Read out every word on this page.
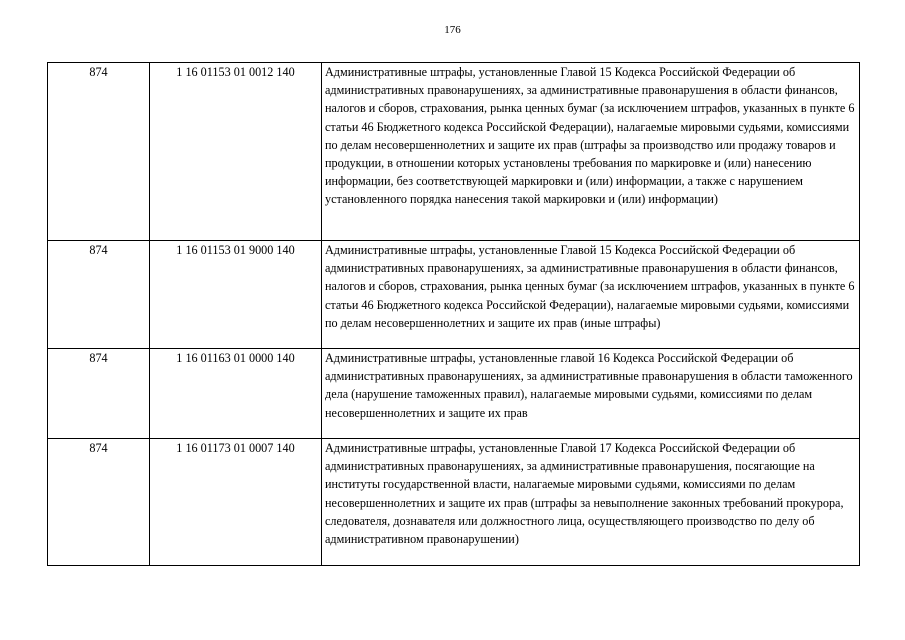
176
874	1 16 01153 01 0012 140	Административные штрафы, установленные Главой 15 Кодекса Российской Федерации об административных правонарушениях, за административные правонарушения в области финансов, налогов и сборов, страхования, рынка ценных бумаг (за исключением штрафов, указанных в пункте 6 статьи 46 Бюджетного кодекса Российской Федерации), налагаемые мировыми судьями, комиссиями по делам несовершеннолетних и защите их прав (штрафы за производство или продажу товаров и продукции, в отношении которых установлены требования по маркировке и (или) нанесению информации, без соответствующей маркировки и (или) информации, а также с нарушением установленного порядка нанесения такой маркировки и (или) информации)
874	1 16 01153 01 9000 140	Административные штрафы, установленные Главой 15 Кодекса Российской Федерации об административных правонарушениях, за административные правонарушения в области финансов, налогов и сборов, страхования, рынка ценных бумаг (за исключением штрафов, указанных в пункте 6 статьи 46 Бюджетного кодекса Российской Федерации), налагаемые мировыми судьями, комиссиями по делам несовершеннолетних и защите их прав (иные штрафы)
874	1 16 01163 01 0000 140	Административные штрафы, установленные главой 16 Кодекса Российской Федерации об административных правонарушениях, за административные правонарушения в области таможенного дела (нарушение таможенных правил), налагаемые мировыми судьями, комиссиями по делам несовершеннолетних и защите их прав
874	1 16 01173 01 0007 140	Административные штрафы, установленные Главой 17 Кодекса Российской Федерации об административных правонарушениях, за административные правонарушения, посягающие на институты государственной власти, налагаемые мировыми судьями, комиссиями по делам несовершеннолетних и защите их прав (штрафы за невыполнение законных требований прокурора, следователя, дознавателя или должностного лица, осуществляющего производство по делу об административном правонарушении)
